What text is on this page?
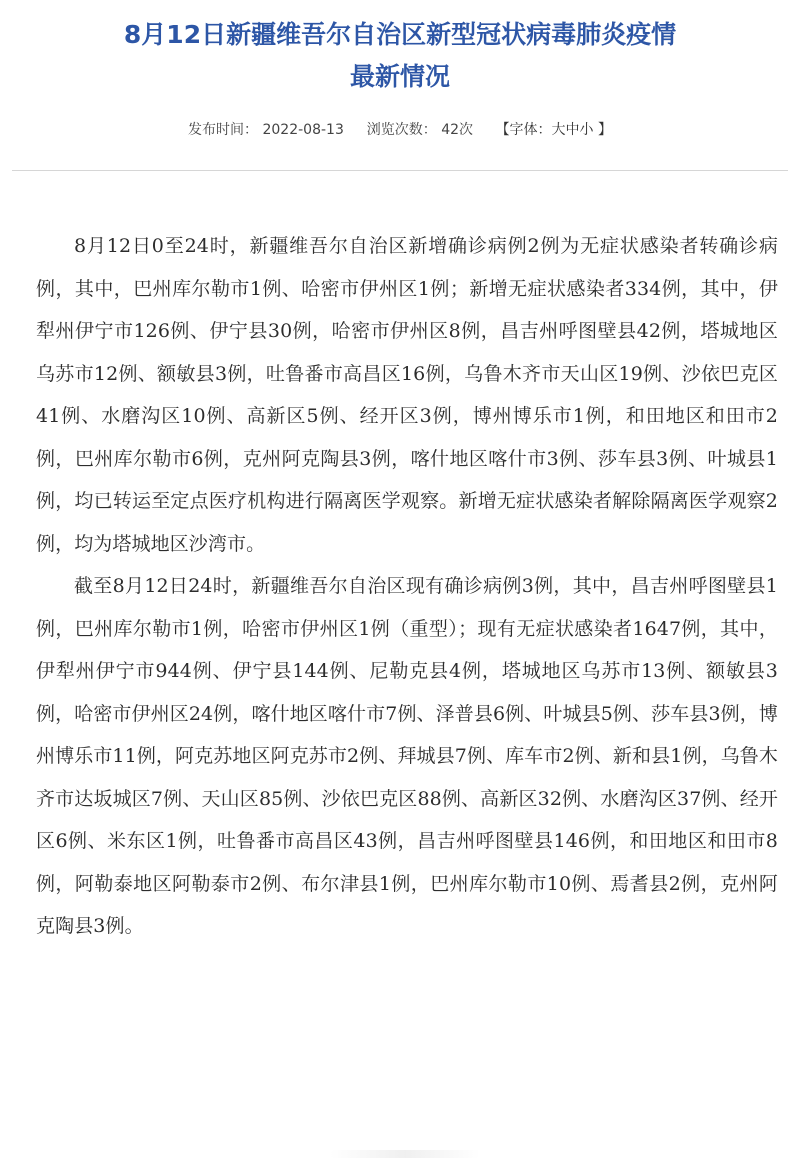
8月12日新疆维吾尔自治区新型冠状病毒肺炎疫情
最新情况
发布时间： 2022-08-13 浏览次数： 42次 【字体：大中小 】

8月12日0至24时，新疆维吾尔自治区新增确诊病例2例为无症状感染者转确诊病例，其中，巴州库尔勒市1例、哈密市伊州区1例；新增无症状感染者334例，其中，伊犁州伊宁市126例、伊宁县30例，哈密市伊州区8例，昌吉州呼图壁县42例，塔城地区乌苏市12例、额敏县3例，吐鲁番市高昌区16例，乌鲁木齐市天山区19例、沙依巴克区41例、水磨沟区10例、高新区5例、经开区3例，博州博乐市1例，和田地区和田市2例，巴州库尔勒市6例，克州阿克陶县3例，喀什地区喀什市3例、莎车县3例、叶城县1例，均已转运至定点医疗机构进行隔离医学观察。新增无症状感染者解除隔离医学观察2例，均为塔城地区沙湾市。

截至8月12日24时，新疆维吾尔自治区现有确诊病例3例，其中，昌吉州呼图壁县1例，巴州库尔勒市1例，哈密市伊州区1例（重型）；现有无症状感染者1647例，其中，伊犁州伊宁市944例、伊宁县144例、尼勒克县4例，塔城地区乌苏市13例、额敏县3例，哈密市伊州区24例，喀什地区喀什市7例、泽普县6例、叶城县5例、莎车县3例，博州博乐市11例，阿克苏地区阿克苏市2例、拜城县7例、库车市2例、新和县1例，乌鲁木齐市达坂城区7例、天山区85例、沙依巴克区88例、高新区32例、水磨沟区37例、经开区6例、米东区1例，吐鲁番市高昌区43例，昌吉州呼图壁县146例，和田地区和田市8例，阿勒泰地区阿勒泰市2例、布尔津县1例，巴州库尔勒市10例、焉耆县2例，克州阿克陶县3例。
